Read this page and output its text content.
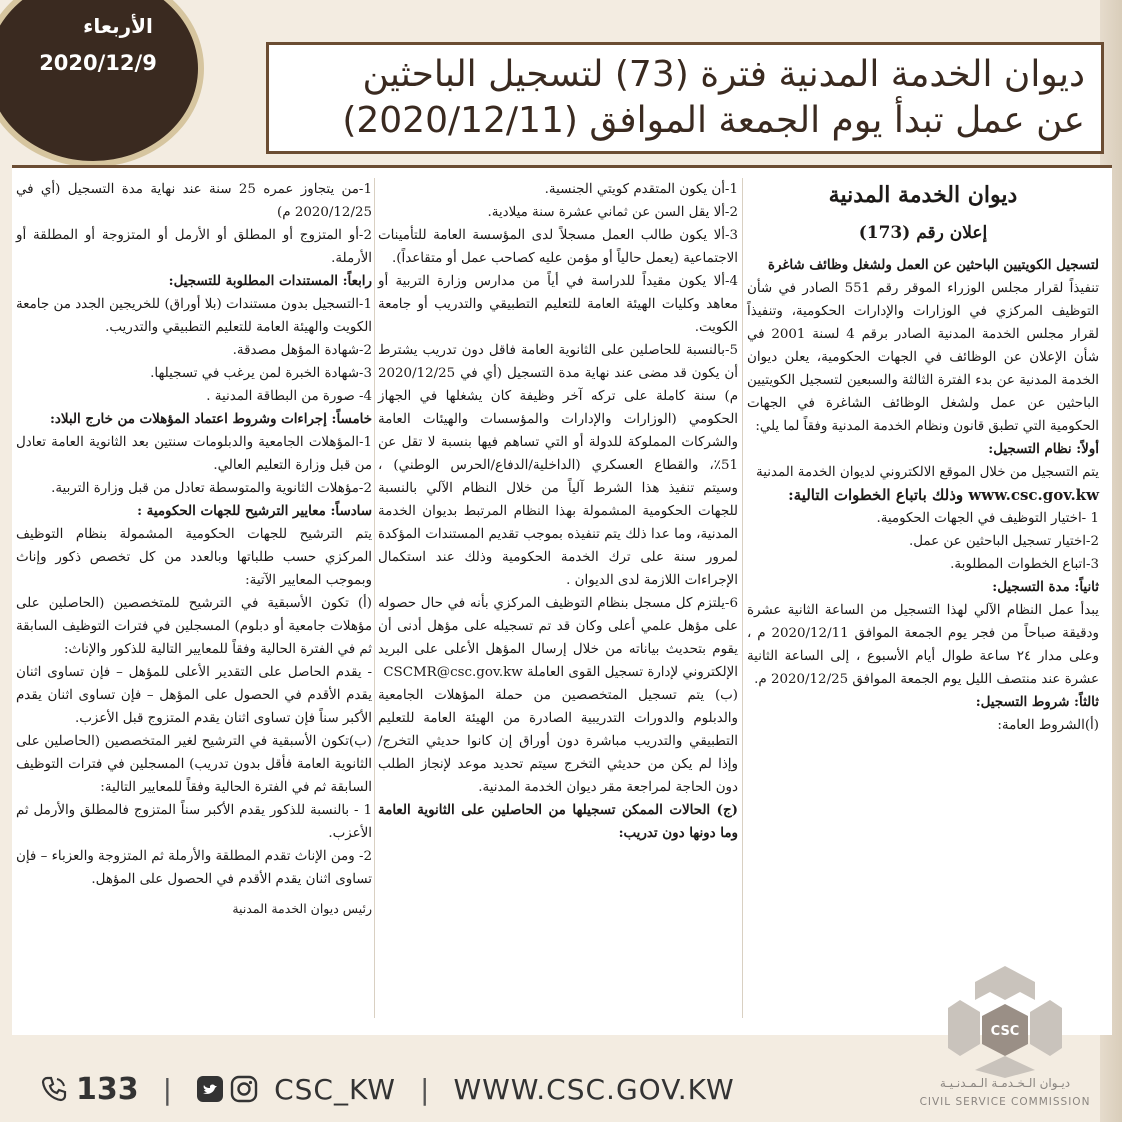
الأربعاء
2020/12/9	ديوان الخدمة المدنية فترة (73) لتسجيل الباحثين
عن عمل تبدأ يوم الجمعة الموافق (2020/12/11)

ديوان الخدمة المدنية

إعلان رقم (173)

لتسجيل الكويتيين الباحثين عن العمل ولشغل وظائف شاغرة

تنفيذاً لقرار مجلس الوزراء الموقر رقم 551 الصادر في شأن التوظيف المركزي في الوزارات والإدارات الحكومية، وتنفيذاً لقرار مجلس الخدمة المدنية الصادر برقم 4 لسنة 2001 في شأن الإعلان عن الوظائف في الجهات الحكومية، يعلن ديوان الخدمة المدنية عن بدء الفترة الثالثة والسبعين لتسجيل الكويتيين الباحثين عن عمل ولشغل الوظائف الشاغرة في الجهات الحكومية التي تطبق قانون ونظام الخدمة المدنية وفقاً لما يلي:

أولاً: نظام التسجيل:

يتم التسجيل من خلال الموقع الالكتروني لديوان الخدمة المدنية

www.csc.gov.kw وذلك باتباع الخطوات التالية:

1 -اختيار التوظيف في الجهات الحكومية.

2-اختيار تسجيل الباحثين عن عمل.

3-اتباع الخطوات المطلوبة.

ثانياً: مدة التسجيل:

يبدأ عمل النظام الآلي لهذا التسجيل من الساعة الثانية عشرة ودقيقة صباحاً من فجر يوم الجمعة الموافق 2020/12/11 م ، وعلى مدار ٢٤ ساعة طوال أيام الأسبوع ، إلى الساعة الثانية عشرة عند منتصف الليل يوم الجمعة الموافق 2020/12/25 م.

ثالثاً: شروط التسجيل:

(أ)الشروط العامة:

1-أن يكون المتقدم كويتي الجنسية.

2-ألا يقل السن عن ثماني عشرة سنة ميلادية.

3-ألا يكون طالب العمل مسجلاً لدى المؤسسة العامة للتأمينات الاجتماعية (يعمل حالياً أو مؤمن عليه كصاحب عمل أو متقاعداً).

4-ألا يكون مقيداً للدراسة في أياً من مدارس وزارة التربية أو معاهد وكليات الهيئة العامة للتعليم التطبيقي والتدريب أو جامعة الكويت.

5-بالنسبة للحاصلين على الثانوية العامة فاقل دون تدريب يشترط أن يكون قد مضى عند نهاية مدة التسجيل (أي في 2020/12/25 م) سنة كاملة على تركه آخر وظيفة كان يشغلها في الجهاز الحكومي (الوزارات والإدارات والمؤسسات والهيئات العامة والشركات المملوكة للدولة أو التي تساهم فيها بنسبة لا تقل عن 51٪، والقطاع العسكري (الداخلية/الدفاع/الحرس الوطني) ، وسيتم تنفيذ هذا الشرط آلياً من خلال النظام الآلي بالنسبة للجهات الحكومية المشمولة بهذا النظام المرتبط بديوان الخدمة المدنية، وما عدا ذلك يتم تنفيذه بموجب تقديم المستندات المؤكدة لمرور سنة على ترك الخدمة الحكومية وذلك عند استكمال الإجراءات اللازمة لدى الديوان .

6-يلتزم كل مسجل بنظام التوظيف المركزي بأنه في حال حصوله على مؤهل علمي أعلى وكان قد تم تسجيله على مؤهل أدنى أن يقوم بتحديث بياناته من خلال إرسال المؤهل الأعلى على البريد الإلكتروني لإدارة تسجيل القوى العاملة CSCMR@csc.gov.kw

(ب) يتم تسجيل المتخصصين من حملة المؤهلات الجامعية والدبلوم والدورات التدريبية الصادرة من الهيئة العامة للتعليم التطبيقي والتدريب مباشرة دون أوراق إن كانوا حديثي التخرج/ وإذا لم يكن من حديثي التخرج سيتم تحديد موعد لإنجاز الطلب دون الحاجة لمراجعة مقر ديوان الخدمة المدنية.

(ج) الحالات الممكن تسجيلها من الحاصلين على الثانوية العامة وما دونها دون تدريب:

1-من يتجاوز عمره 25 سنة عند نهاية مدة التسجيل (أي في 2020/12/25 م)

2-أو المتزوج أو المطلق أو الأرمل أو المتزوجة أو المطلقة أو الأرملة.

رابعاً: المستندات المطلوبة للتسجيل:

1-التسجيل بدون مستندات (بلا أوراق) للخريجين الجدد من جامعة الكويت والهيئة العامة للتعليم التطبيقي والتدريب.

2-شهادة المؤهل مصدقة.

3-شهادة الخبرة لمن يرغب في تسجيلها.

4- صورة من البطاقة المدنية .

خامساً: إجراءات وشروط اعتماد المؤهلات من خارج البلاد:

1-المؤهلات الجامعية والدبلومات سنتين بعد الثانوية العامة تعادل من قبل وزارة التعليم العالي.

2-مؤهلات الثانوية والمتوسطة تعادل من قبل وزارة التربية.

سادساً: معايير الترشيح للجهات الحكومية :

يتم الترشيح للجهات الحكومية المشمولة بنظام التوظيف المركزي حسب طلباتها وبالعدد من كل تخصص ذكور وإناث وبموجب المعايير الآتية:

(أ) تكون الأسبقية في الترشيح للمتخصصين (الحاصلين على مؤهلات جامعية أو دبلوم) المسجلين في فترات التوظيف السابقة ثم في الفترة الحالية وفقاً للمعايير التالية للذكور والإناث:

- يقدم الحاصل على التقدير الأعلى للمؤهل – فإن تساوى اثنان يقدم الأقدم في الحصول على المؤهل – فإن تساوى اثنان يقدم الأكبر سناً فإن تساوى اثنان يقدم المتزوج قبل الأعزب.

(ب)تكون الأسبقية في الترشيح لغير المتخصصين (الحاصلين على الثانوية العامة فأقل بدون تدريب) المسجلين في فترات التوظيف السابقة ثم في الفترة الحالية وفقاً للمعايير التالية:

1 - بالنسبة للذكور يقدم الأكبر سناً المتزوج فالمطلق والأرمل ثم الأعزب.

2- ومن الإناث تقدم المطلقة والأرملة ثم المتزوجة والعزباء – فإن تساوى اثنان يقدم الأقدم في الحصول على المؤهل.

رئيس ديوان الخدمة المدنية

CSC
ديـوان الـخـدمـة الـمـدنـيـة
CIVIL SERVICE COMMISSION
133 |	CSC_KW | WWW.CSC.GOV.KW
